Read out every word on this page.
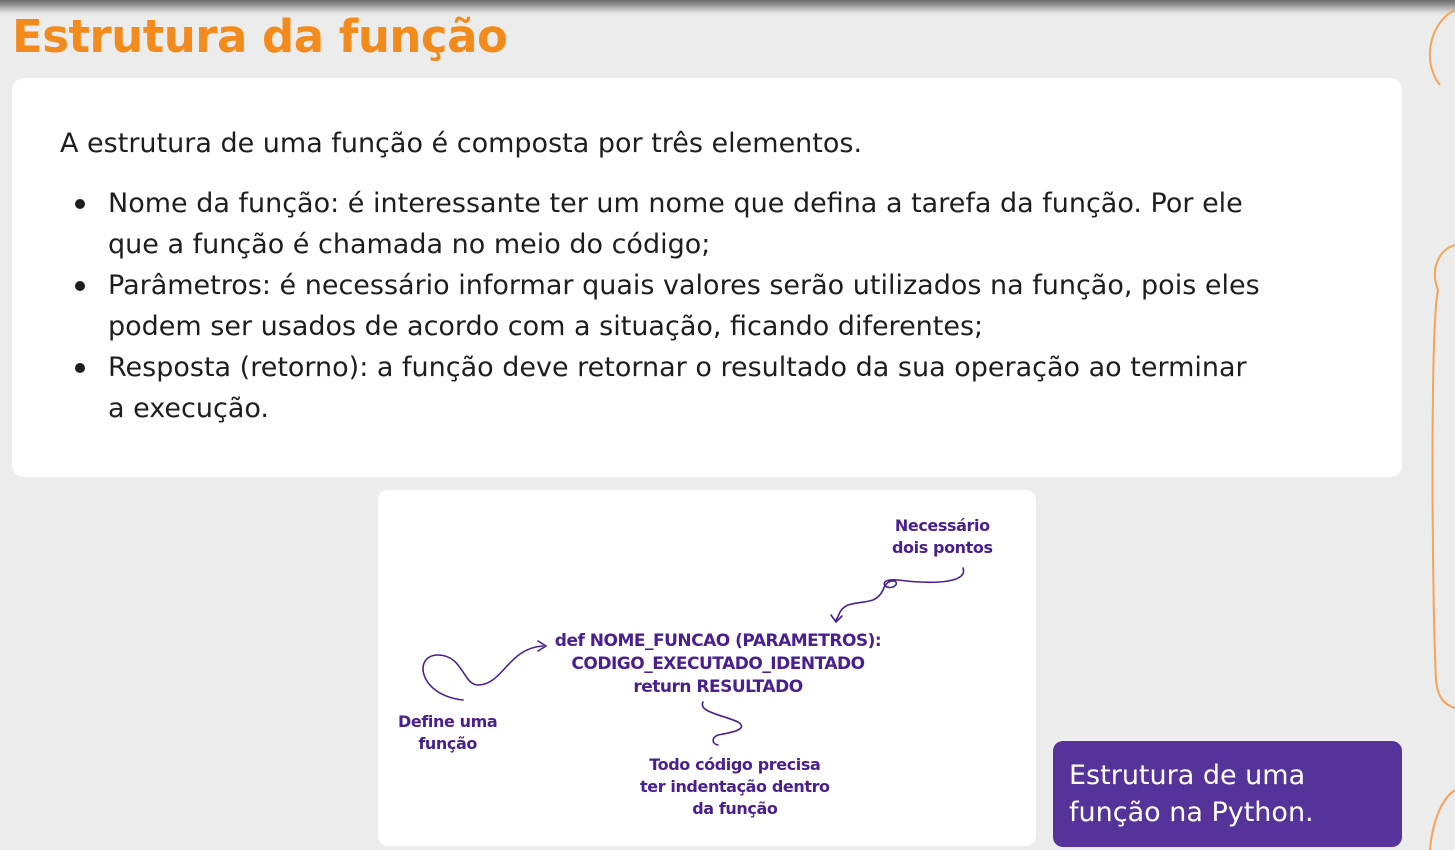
Estrutura da função

A estrutura de uma função é composta por três elementos.

Nome da função: é interessante ter um nome que defina a tarefa da função. Por ele
que a função é chamada no meio do código;
Parâmetros: é necessário informar quais valores serão utilizados na função, pois eles
podem ser usados de acordo com a situação, ficando diferentes;
Resposta (retorno): a função deve retornar o resultado da sua operação ao terminar
a execução.
Necessário
dois pontos
def NOME_FUNCAO (PARAMETROS):
CODIGO_EXECUTADO_IDENTADO
return RESULTADO
Define uma
função
Todo código precisa
ter indentação dentro
da função
Estrutura de uma
função na Python.
